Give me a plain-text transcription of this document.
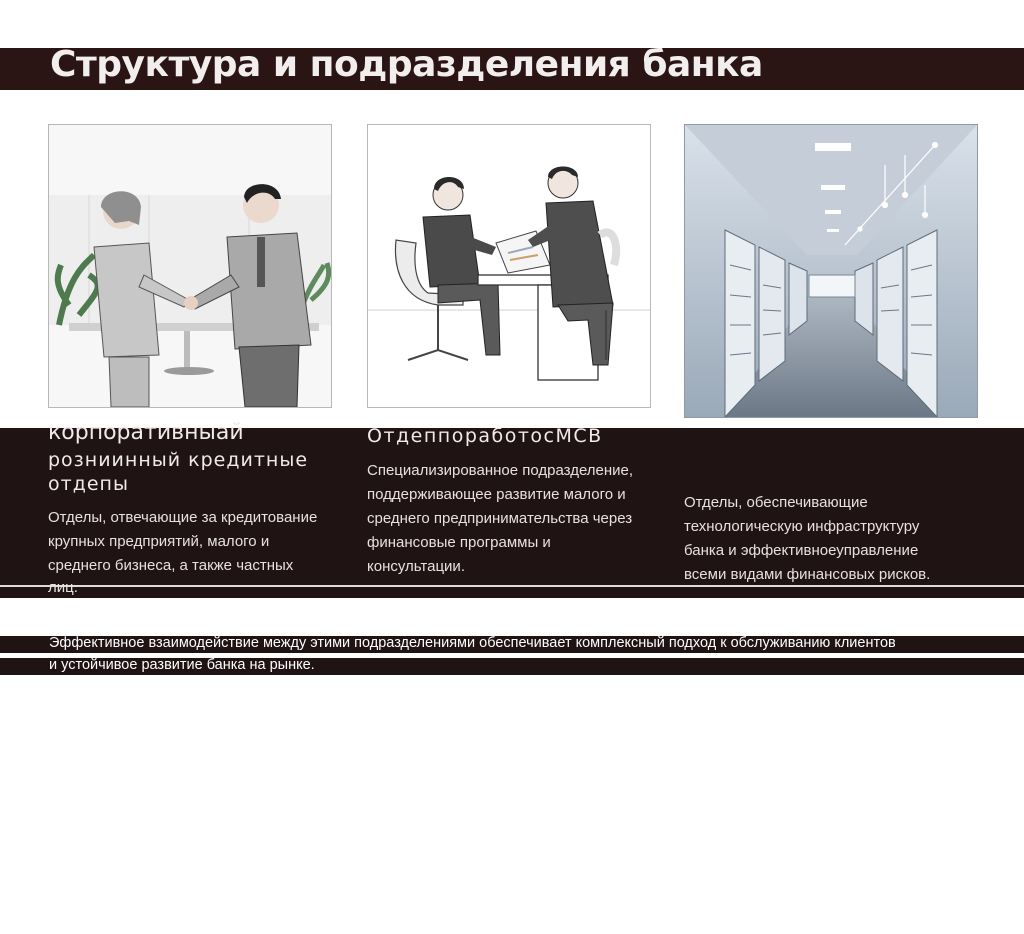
Структура и подразделения банка
корпоративныай
розниинный кредитные
отдепы
Отделы, отвечающие за кредитование
крупных предприятий, малого и
среднего бизнеса, а также частных
лиц.
ОтдеппоработосМСВ
Специализированное подразделение,
поддерживающее развитие малого и
среднего предпринимательства через
финансовые программы и
консультации.
Отделы, обеспечивающие
технологическую инфраструктуру
банка и эффективноеуправление
всеми видами финансовых рисков.
Эффективное взаимодействие между этими подразделениями обеспечивает комплексный подход к обслуживанию клиентов
и устойчивое развитие банка на рынке.
